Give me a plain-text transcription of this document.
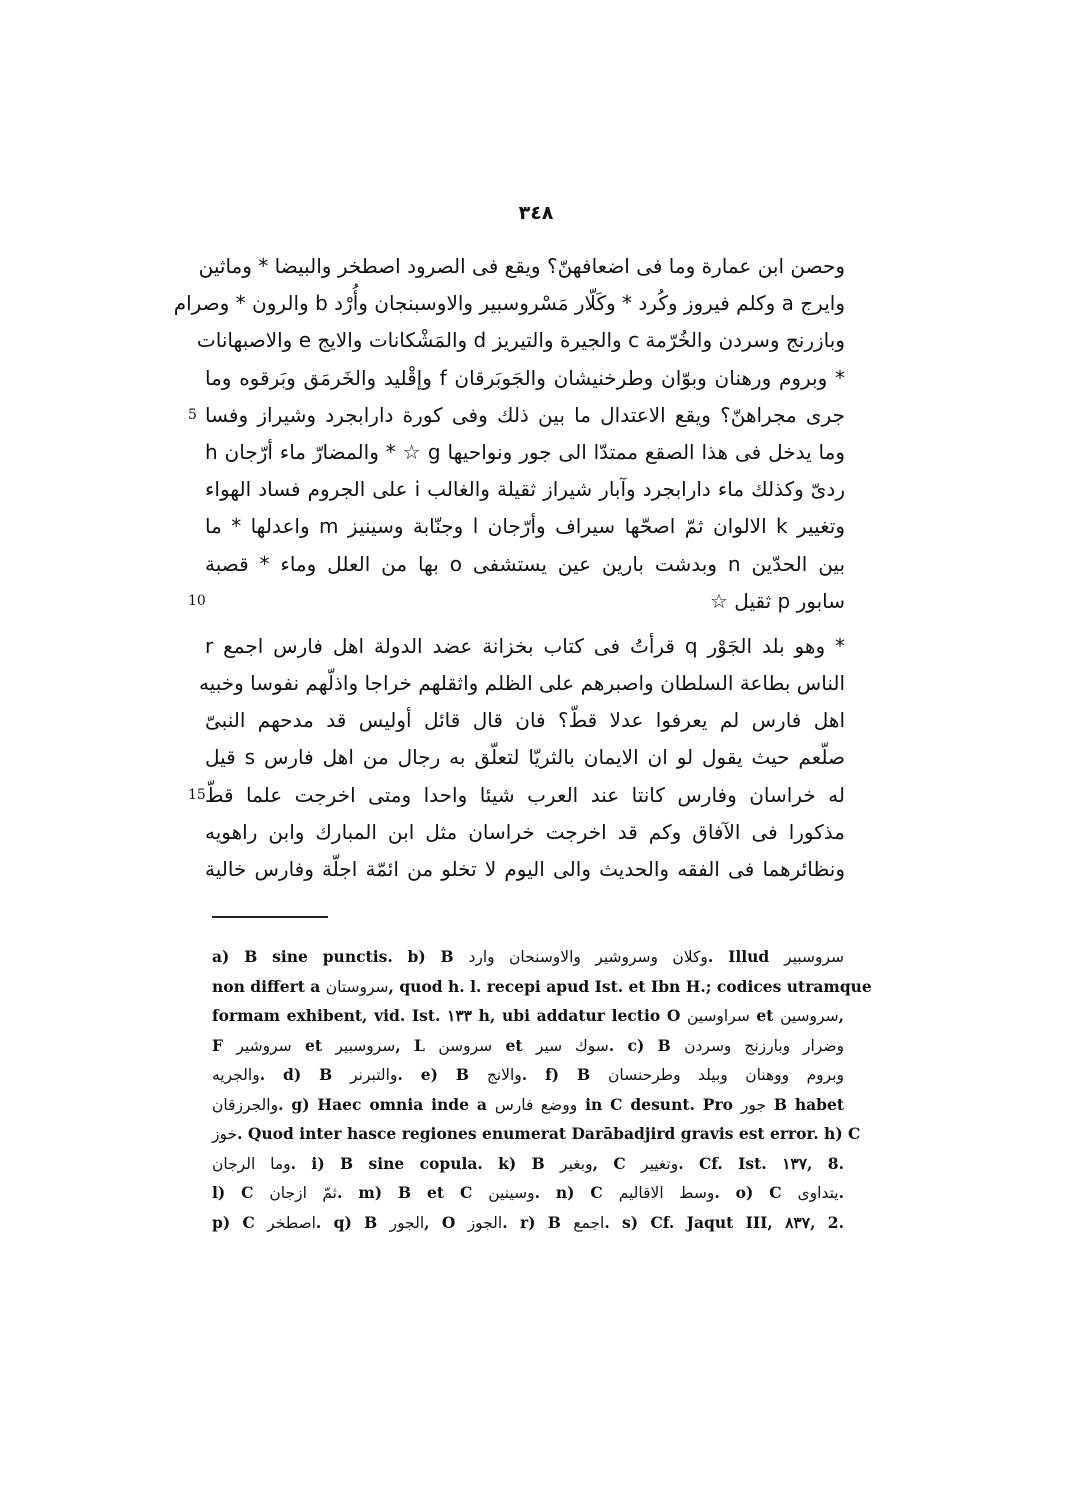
٣٤٨
وحصن ابن عمارة وما فى اضعافهنّ؟ ويقع فى الصرود اصطخر والبيضا * وماثين
وايرج a وكلم فيروز وكُرد * وكَلّار مَسْروسبير والاوسبنجان وأُرْد b والرون * وصرام
وبازرنج وسردن والخُرّمة c والجيرة والتيريز d والمَشْكانات والايج e والاصبهانات
* وبروم ورهنان وبوّان وطرخنيشان والجَوبَرقان f وإقْليد والخَرمَق وبَرقوه وما
5 جرى مجراهنّ؟ ويقع الاعتدال ما بين ذلك وفى كورة دارابجرد وشيراز وفسا
وما يدخل فى هذا الصقع ممتدّا الى جور ونواحيها g ☆ * والمضارّ ماء أرّجان h
ردىّ وكذلك ماء دارابجرد وآبار شيراز ثقيلة والغالب i على الجروم فساد الهواء
وتغيير k الالوان ثمّ اصحّها سيراف وأرّجان l وجنّابة وسينيز m واعدلها * ما
بين الحدّين n وبدشت بارين عين يستشفى o بها من العلل وماء * قصبة
10	سابور p ثقيل ☆
* وهو بلد الجَوْر q قرأتُ فى كتاب بخزانة عضد الدولة اهل فارس اجمع r
الناس بطاعة السلطان واصبرهم على الظلم واثقلهم خراجا واذلّهم نفوسا وخبيه
اهل فارس لم يعرفوا عدلا قطّ؟ فان قال قائل أوليس قد مدحهم النبىّ
صلّعم حيث يقول لو ان الايمان بالثريّا لتعلّق به رجال من اهل فارس s قيل
15 له خراسان وفارس كانتا عند العرب شيئا واحدا ومتى اخرجت علما قطّ
مذكورا فى الآفاق وكم قد اخرجت خراسان مثل ابن المبارك وابن راهويه
ونظائرهما فى الفقه والحديث والى اليوم لا تخلو من ائمّة اجلّة وفارس خالية
a) B sine punctis. b) B وكلان وسروشير والاوسنحان وارد. Illud سروسبير
non differt a سروستان, quod h. l. recepi apud Ist. et Ibn H.; codices utramque
formam exhibent, vid. Ist. ١٣٣ h, ubi addatur lectio O سراوسين et سروسين,
F سروشير et سروسبير, L سروسن et سوك سير. c) B وضرار وبارزنج وسردن
والجريه. d) B والتبرنر. e) B والانج. f) B وبروم ووهنان وبيلد وطرحنسان
والجرزقان. g) Haec omnia inde a ووضع فارس in C desunt. Pro جور B habet
خوز. Quod inter hasce regiones enumerat Darābadjird gravis est error. h) C
وما الرجان. i) B sine copula. k) B وبغير, C وتغيير. Cf. Ist. ١٣٧, 8.
l) C ثمّ ازجان. m) B et C وسينين. n) C وسط الاقاليم. o) C يتداوى.
p) C اصطخر. q) B الجور, O الجوز. r) B اجمع. s) Cf. Jaqut III, ٨٣٧, 2.
